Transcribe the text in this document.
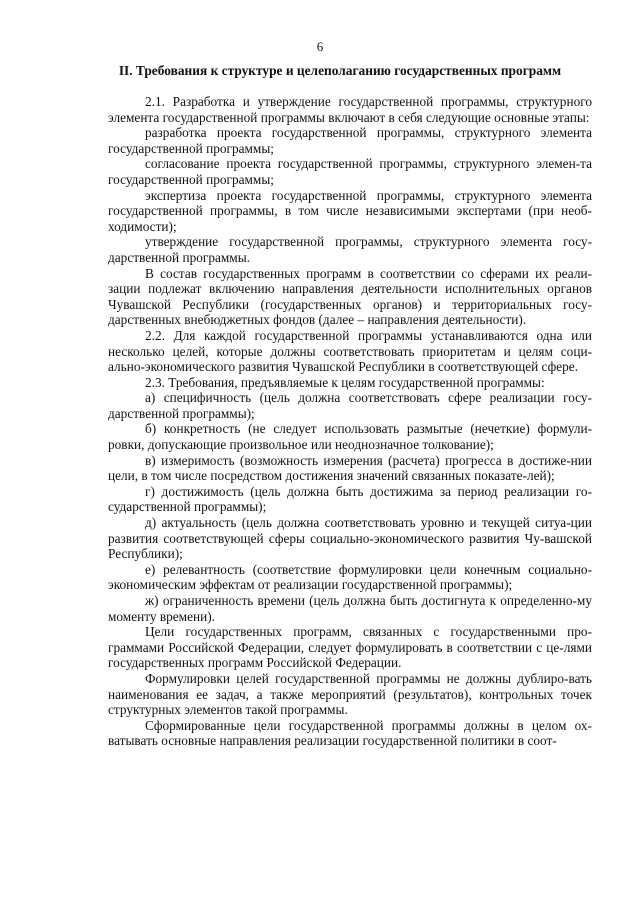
6
II. Требования к структуре и целеполаганию государственных программ

2.1. Разработка и утверждение государственной программы, структурного элемента государственной программы включают в себя следующие основные этапы:

разработка проекта государственной программы, структурного элемента государственной программы;

согласование проекта государственной программы, структурного элемен-та государственной программы;

экспертиза проекта государственной программы, структурного элемента государственной программы, в том числе независимыми экспертами (при необ-ходимости);

утверждение государственной программы, структурного элемента госу-дарственной программы.

В состав государственных программ в соответствии со сферами их реали-зации подлежат включению направления деятельности исполнительных органов Чувашской Республики (государственных органов) и территориальных госу-дарственных внебюджетных фондов (далее – направления деятельности).

2.2. Для каждой государственной программы устанавливаются одна или несколько целей, которые должны соответствовать приоритетам и целям соци-ально-экономического развития Чувашской Республики в соответствующей сфере.

2.3. Требования, предъявляемые к целям государственной программы:

а) специфичность (цель должна соответствовать сфере реализации госу-дарственной программы);

б) конкретность (не следует использовать размытые (нечеткие) формули-ровки, допускающие произвольное или неоднозначное толкование);

в) измеримость (возможность измерения (расчета) прогресса в достиже-нии цели, в том числе посредством достижения значений связанных показате-лей);

г) достижимость (цель должна быть достижима за период реализации го-сударственной программы);

д) актуальность (цель должна соответствовать уровню и текущей ситуа-ции развития соответствующей сферы социально-экономического развития Чу-вашской Республики);

е) релевантность (соответствие формулировки цели конечным социально-экономическим эффектам от реализации государственной программы);

ж) ограниченность времени (цель должна быть достигнута к определенно-му моменту времени).

Цели государственных программ, связанных с государственными про-граммами Российской Федерации, следует формулировать в соответствии с це-лями государственных программ Российской Федерации.

Формулировки целей государственной программы не должны дублиро-вать наименования ее задач, а также мероприятий (результатов), контрольных точек структурных элементов такой программы.

Сформированные цели государственной программы должны в целом ох-ватывать основные направления реализации государственной политики в соот-
